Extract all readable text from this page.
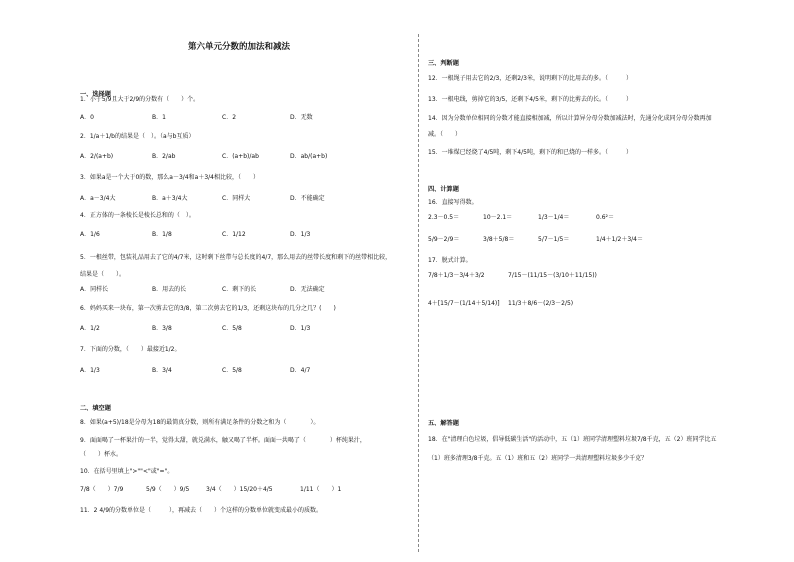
第六单元分数的加法和减法
一、选择题
1．小于5/9且大于2/9的分数有（　　）个。
A．0	B．1	C．2	D．无数
2．1/a＋1/b的结果是（　）。（a与b互质）
A．2/(a+b)	B．2/ab	C．(a+b)/ab	D．ab/(a+b)
3．如果a是一个大于0的数，那么a－3/4和a＋3/4相比较，（　　）
A．a－3/4大	B．a＋3/4大	C．同样大	D．不能确定
4．正方体的一条棱长是棱长总和的（　）。
A．1/6	B．1/8	C．1/12	D．1/3
5．一根丝带，包装礼品用去了它的4/7米，这时剩下丝带与总长度的4/7，那么用去的丝带长度和剩下的丝带相比较，
结果是（　　）。
A．同样长	B．用去的长	C．剩下的长	D．无法确定
6．妈妈买来一块布，第一次剪去它的3/8，第二次剪去它的1/3，还剩这块布的几分之几？(　　)
A．1/2	B．3/8	C．5/8	D．1/3
7．下面的分数，（　　）最接近1/2。
A．1/3	B．3/4	C．5/8	D．4/7
二、填空题
8．如果(a+5)/18是分母为18的最简真分数，则所有满足条件的分数之和为（　　　　）。
9．面面喝了一杯果汁的一半，觉得太甜，就兑满水，触又喝了半杯。面面一共喝了（　　　　）杯纯果汁，
（　　）杯水。
10．在括号里填上">""<"或"="。
7/8（　　）7/9	5/9（　　）9/5	3/4（　　）15/20＋4/5	1/11（　　）1
11．2 4/9的分数单位是（　　　），再减去（　　）个这样的分数单位就变成最小的质数。
三、判断题
12．一根绳子用去它的2/3，还剩2/3米，说明剩下的比用去的多。（　　　）
13．一根电线，剪掉它的3/5，还剩下4/5米，剩下的比剪去的长。（　　　）
14．因为分数单位相同的分数才能直接相加减，所以计算异分母分数加减法时，先通分化成同分母分数再加
减。（　　）
15．一堆煤已经烧了4/5吨，剩下4/5吨，剩下的和已烧的一样多。（　　　）
四、计算题
16．直接写得数。
2.3－0.5＝	10－2.1＝	1/3－1/4＝	0.6²＝
5/9－2/9＝	3/8＋5/8＝	5/7－1/5＝	1/4＋1/2＋3/4＝
17．脱式计算。
7/8＋1/3－3/4＋3/2	7/15－(11/15－(3/10＋11/15))
4＋[15/7－(1/14＋5/14)] 11/3＋8/6－(2/3－2/5)
五、解答题
18．在"清理白色垃圾，倡导低碳生活"的活动中，五（1）班同学清理塑料垃圾7/8千克，五（2）班同学比五
（1）班多清理3/8千克。五（1）班和五（2）班同学一共清理塑料垃圾多少千克？
